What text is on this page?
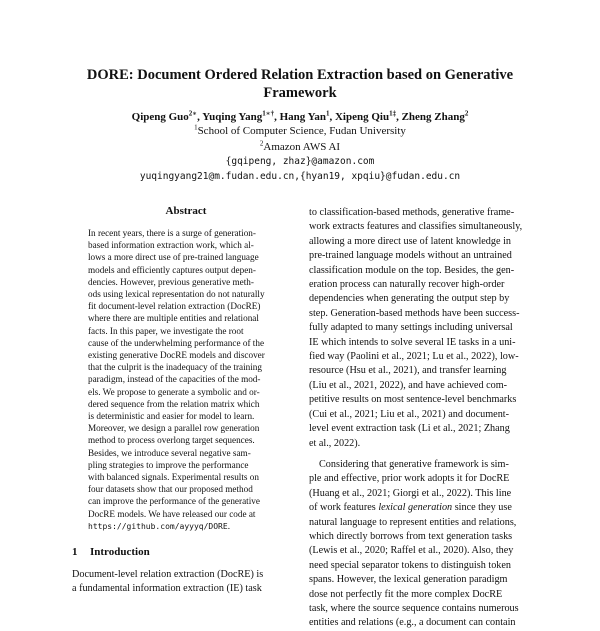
DORE: Document Ordered Relation Extraction based on Generative
Framework
Qipeng Guo$^{2∗}$, Yuqing Yang$^{1∗\dagger}$, Hang Yan$^1$, Xipeng Qiu$^{1\ddagger}$, Zheng Zhang$^2$
$^1$School of Computer Science, Fudan University
$^2$Amazon AWS AI
{gqipeng, zhaz}@amazon.com
yuqingyang21@m.fudan.edu.cn,{hyan19, xpqiu}@fudan.edu.cn
Abstract
In recent years, there is a surge of generation-
based information extraction work, which al-
lows a more direct use of pre-trained language
models and efficiently captures output depen-
dencies. However, previous generative meth-
ods using lexical representation do not naturally
fit document-level relation extraction (DocRE)
where there are multiple entities and relational
facts. In this paper, we investigate the root
cause of the underwhelming performance of the
existing generative DocRE models and discover
that the culprit is the inadequacy of the training
paradigm, instead of the capacities of the mod-
els. We propose to generate a symbolic and or-
dered sequence from the relation matrix which
is deterministic and easier for model to learn.
Moreover, we design a parallel row generation
method to process overlong target sequences.
Besides, we introduce several negative sam-
pling strategies to improve the performance
with balanced signals. Experimental results on
four datasets show that our proposed method
can improve the performance of the generative
DocRE models. We have released our code at
https://github.com/ayyyq/DORE.
1 Introduction
Document-level relation extraction (DocRE) is
a fundamental information extraction (IE) task
to classification-based methods, generative frame-
work extracts features and classifies simultaneously,
allowing a more direct use of latent knowledge in
pre-trained language models without an untrained
classification module on the top. Besides, the gen-
eration process can naturally recover high-order
dependencies when generating the output step by
step. Generation-based methods have been success-
fully adapted to many settings including universal
IE which intends to solve several IE tasks in a uni-
fied way (Paolini et al., 2021; Lu et al., 2022), low-
resource (Hsu et al., 2021), and transfer learning
(Liu et al., 2021, 2022), and have achieved com-
petitive results on most sentence-level benchmarks
(Cui et al., 2021; Liu et al., 2021) and document-
level event extraction task (Li et al., 2021; Zhang
et al., 2022).
Considering that generative framework is sim-
ple and effective, prior work adopts it for DocRE
(Huang et al., 2021; Giorgi et al., 2022). This line
of work features lexical generation since they use
natural language to represent entities and relations,
which directly borrows from text generation tasks
(Lewis et al., 2020; Raffel et al., 2020). Also, they
need special separator tokens to distinguish token
spans. However, the lexical generation paradigm
dose not perfectly fit the more complex DocRE
task, where the source sequence contains numerous
entities and relations (e.g., a document can contain
